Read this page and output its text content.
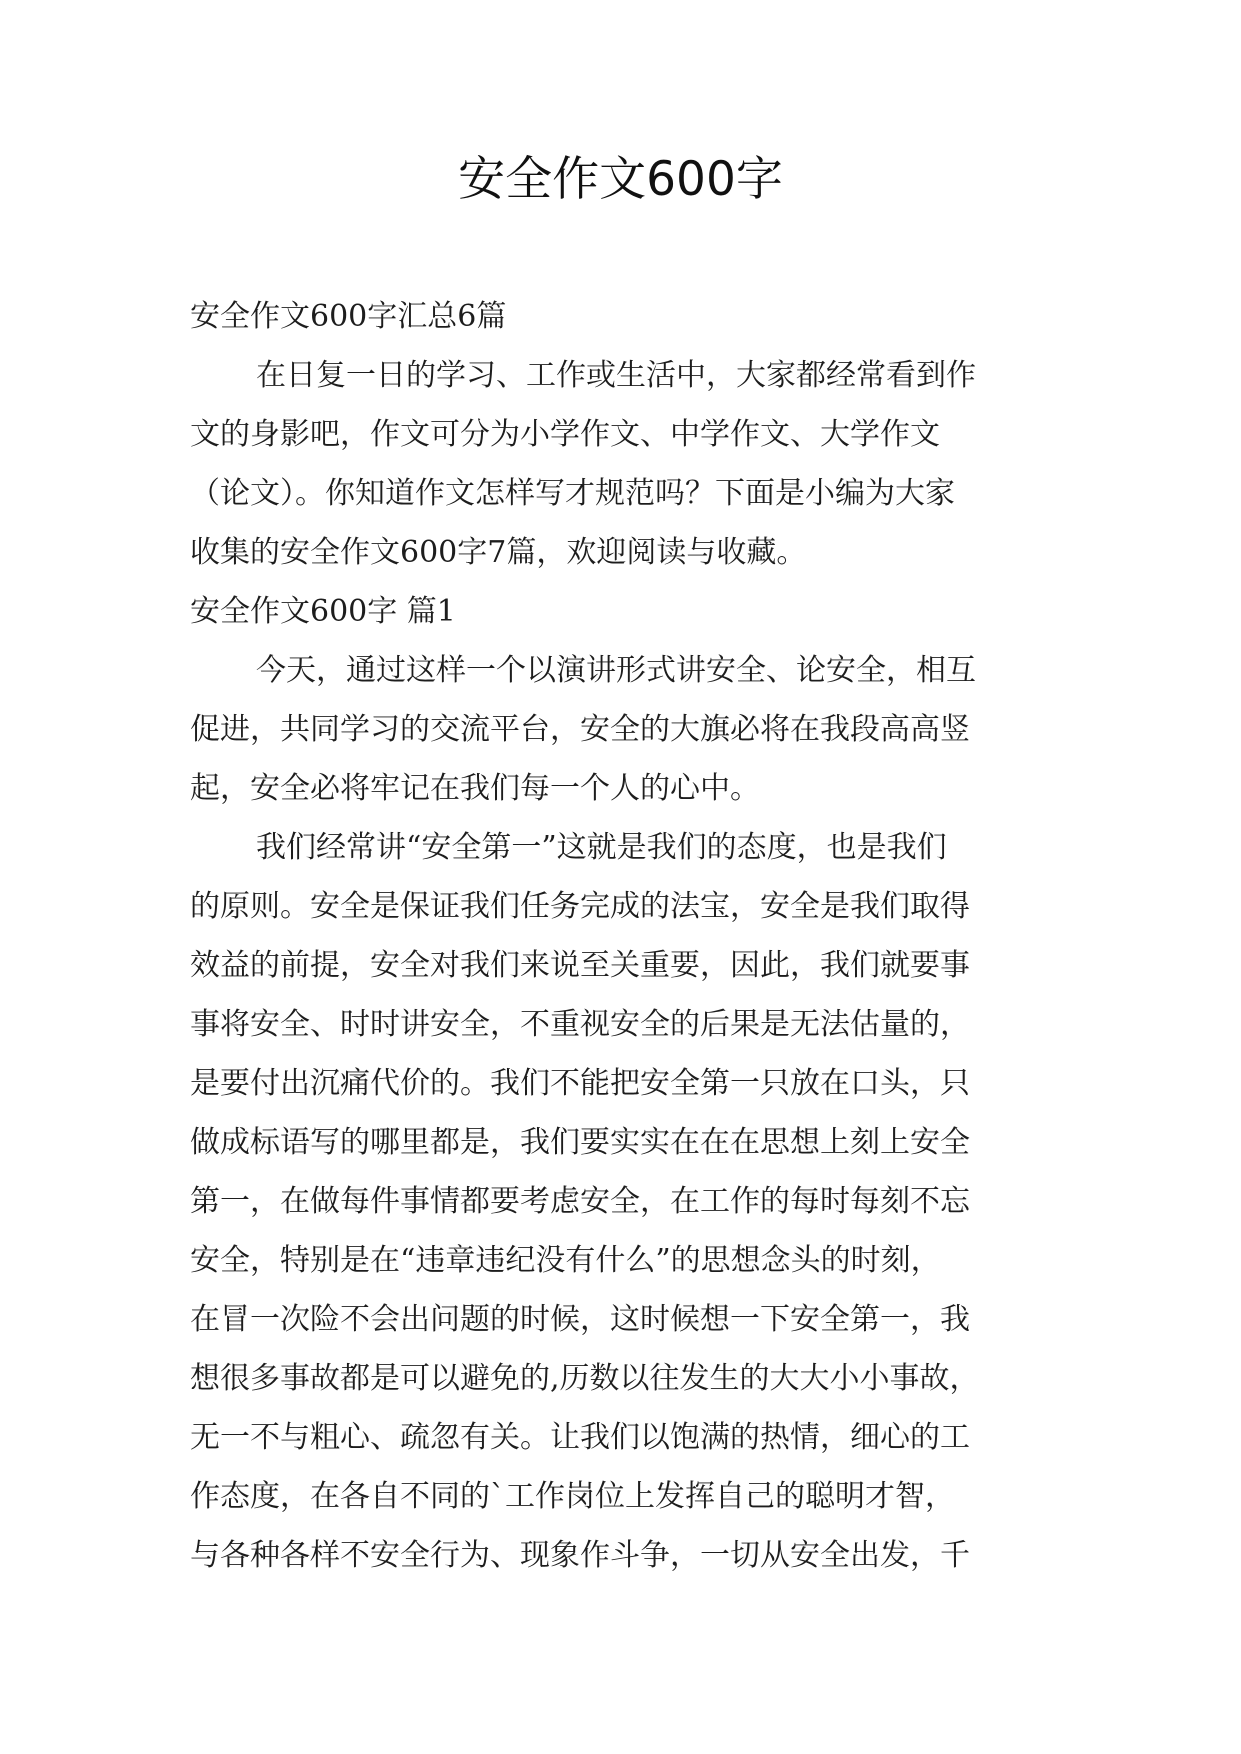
安全作文600字
安全作文600字汇总6篇
在日复一日的学习、工作或生活中，大家都经常看到作
文的身影吧，作文可分为小学作文、中学作文、大学作文
（论文）。你知道作文怎样写才规范吗？下面是小编为大家
收集的安全作文600字7篇，欢迎阅读与收藏。
安全作文600字 篇1
今天，通过这样一个以演讲形式讲安全、论安全，相互
促进，共同学习的交流平台，安全的大旗必将在我段高高竖
起，安全必将牢记在我们每一个人的心中。
我们经常讲“安全第一”这就是我们的态度，也是我们
的原则。安全是保证我们任务完成的法宝，安全是我们取得
效益的前提，安全对我们来说至关重要，因此，我们就要事
事将安全、时时讲安全，不重视安全的后果是无法估量的，
是要付出沉痛代价的。我们不能把安全第一只放在口头，只
做成标语写的哪里都是，我们要实实在在在思想上刻上安全
第一，在做每件事情都要考虑安全，在工作的每时每刻不忘
安全，特别是在“违章违纪没有什么”的思想念头的时刻，
在冒一次险不会出问题的时候，这时候想一下安全第一，我
想很多事故都是可以避免的,历数以往发生的大大小小事故，
无一不与粗心、疏忽有关。让我们以饱满的热情，细心的工
作态度，在各自不同的`工作岗位上发挥自己的聪明才智，
与各种各样不安全行为、现象作斗争，一切从安全出发，千
